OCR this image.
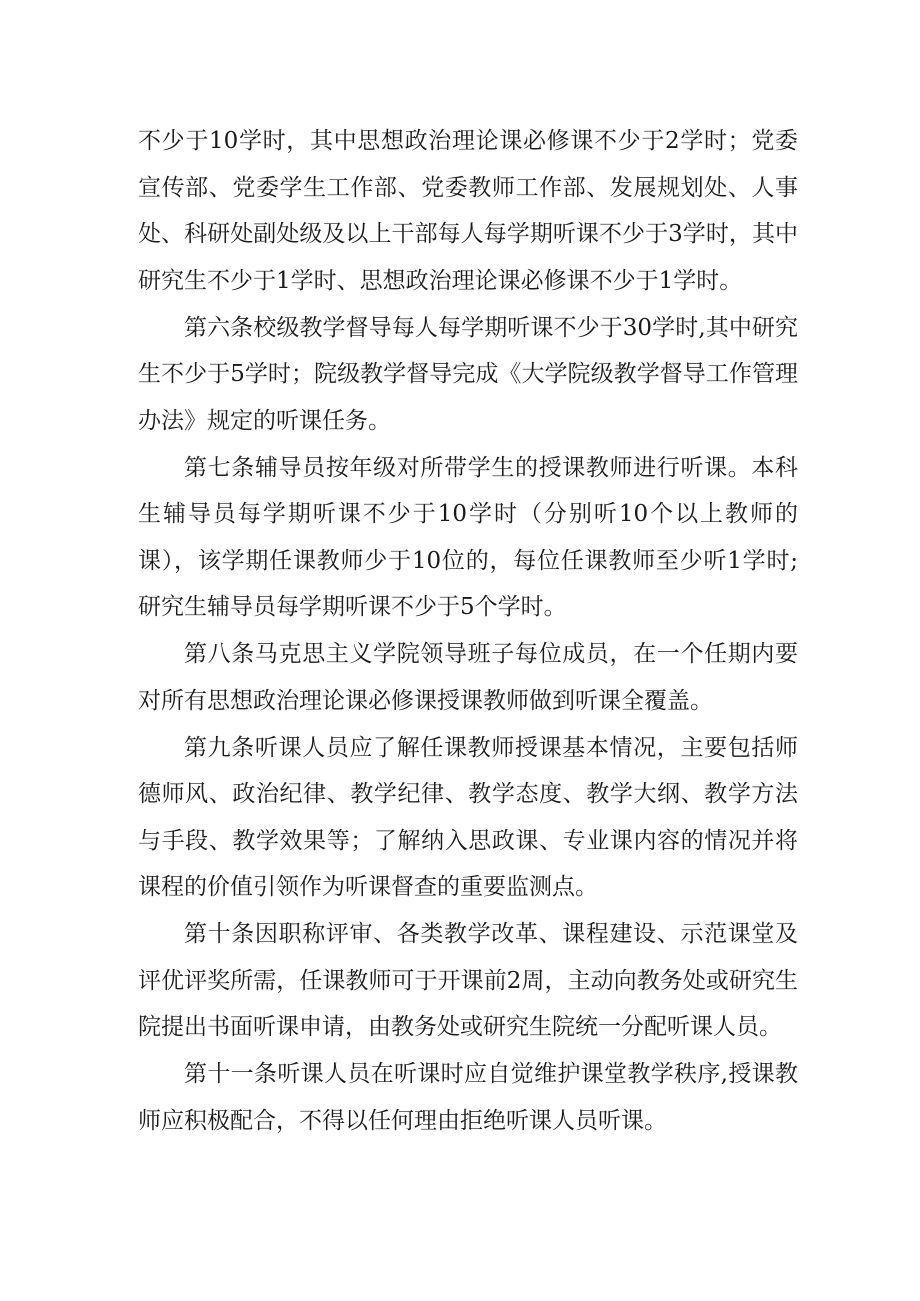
不少于10学时，其中思想政治理论课必修课不少于2学时；党委宣传部、党委学生工作部、党委教师工作部、发展规划处、人事处、科研处副处级及以上干部每人每学期听课不少于3学时，其中研究生不少于1学时、思想政治理论课必修课不少于1学时。

第六条校级教学督导每人每学期听课不少于30学时,其中研究生不少于5学时；院级教学督导完成《大学院级教学督导工作管理办法》规定的听课任务。

第七条辅导员按年级对所带学生的授课教师进行听课。本科生辅导员每学期听课不少于10学时（分别听10个以上教师的课），该学期任课教师少于10位的，每位任课教师至少听1学时;研究生辅导员每学期听课不少于5个学时。

第八条马克思主义学院领导班子每位成员，在一个任期内要对所有思想政治理论课必修课授课教师做到听课全覆盖。

第九条听课人员应了解任课教师授课基本情况，主要包括师德师风、政治纪律、教学纪律、教学态度、教学大纲、教学方法与手段、教学效果等；了解纳入思政课、专业课内容的情况并将课程的价值引领作为听课督查的重要监测点。

第十条因职称评审、各类教学改革、课程建设、示范课堂及评优评奖所需，任课教师可于开课前2周，主动向教务处或研究生院提出书面听课申请，由教务处或研究生院统一分配听课人员。

第十一条听课人员在听课时应自觉维护课堂教学秩序,授课教师应积极配合，不得以任何理由拒绝听课人员听课。
